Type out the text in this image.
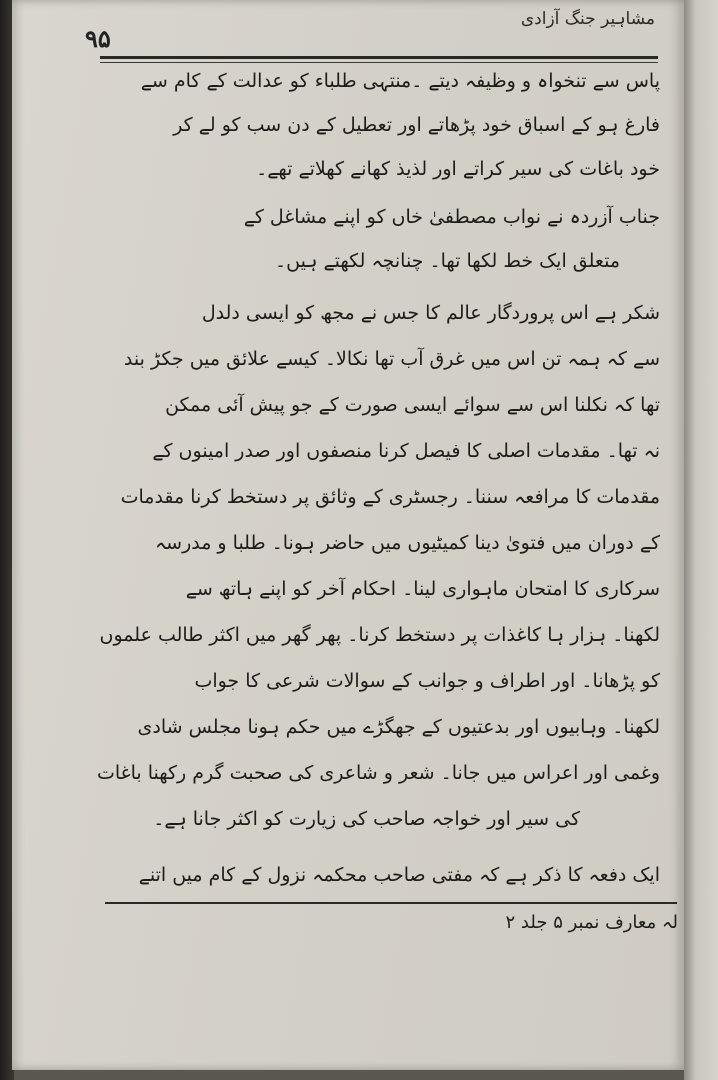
۹۵
مشاہیر جنگ آزادی
پاس سے تنخواہ و وظیفہ دیتے ۔منتہی طلباء کو عدالت کے کام سے
فارغ ہو کے اسباق خود پڑھاتے اور تعطیل کے دن سب کو لے کر
خود باغات کی سیر کراتے اور لذیذ کھانے کھلاتے تھے۔
جناب آزردہ نے نواب مصطفیٰ خاں کو اپنے مشاغل کے
متعلق ایک خط لکھا تھا۔ چنانچہ لکھتے ہیں۔
شکر ہے اس پروردگار عالم کا جس نے مجھ کو ایسی دلدل
سے کہ ہمہ تن اس میں غرق آب تھا نکالا۔ کیسے علائق میں جکڑ بند
تھا کہ نکلنا اس سے سوائے ایسی صورت کے جو پیش آئی ممکن
نہ تھا۔ مقدمات اصلی کا فیصل کرنا منصفوں اور صدر امینوں کے
مقدمات کا مرافعہ سننا۔ رجسٹری کے وثائق پر دستخط کرنا مقدمات
کے دوران میں فتویٰ دینا کمیٹیوں میں حاضر ہونا۔ طلبا و مدرسہ
سرکاری کا امتحان ماہواری لینا۔ احکام آخر کو اپنے ہاتھ سے
لکھنا۔ ہزار ہا کاغذات پر دستخط کرنا۔ پھر گھر میں اکثر طالب علموں
کو پڑھانا۔ اور اطراف و جوانب کے سوالات شرعی کا جواب
لکھنا۔ وہابیوں اور بدعتیوں کے جھگڑے میں حکم ہونا مجلس شادی
وغمی اور اعراس میں جانا۔ شعر و شاعری کی صحبت گرم رکھنا باغات
کی سیر اور خواجہ صاحب کی زیارت کو اکثر جانا ہے۔
ایک دفعہ کا ذکر ہے کہ مفتی صاحب محکمہ نزول کے کام میں اتنے
لہ معارف نمبر ۵ جلد ۲
